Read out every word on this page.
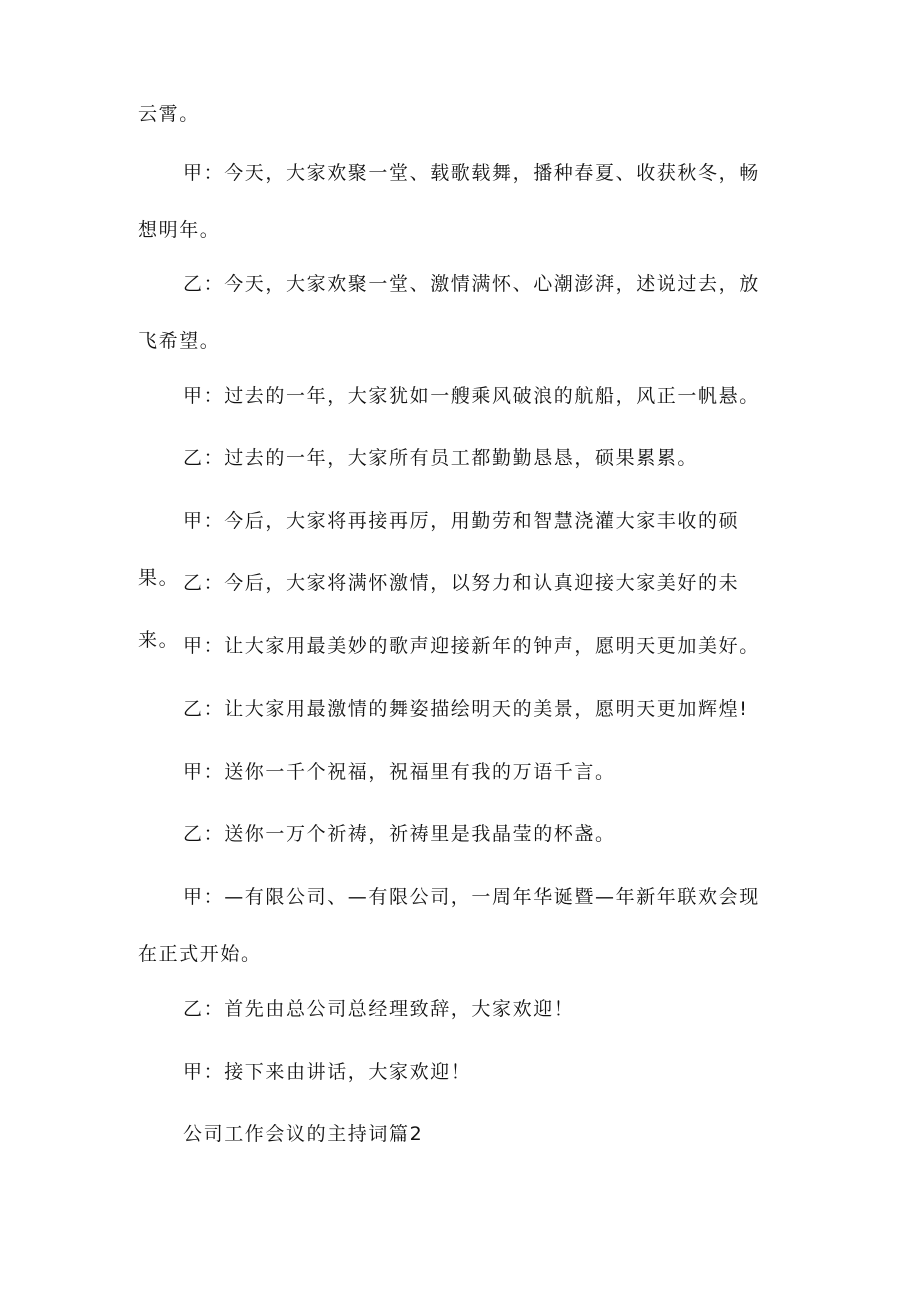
云霄。

甲：今天，大家欢聚一堂、载歌载舞，播种春夏、收获秋冬，畅想明年。

乙：今天，大家欢聚一堂、激情满怀、心潮澎湃，述说过去，放飞希望。

甲：过去的一年，大家犹如一艘乘风破浪的航船，风正一帆悬。

乙：过去的一年，大家所有员工都勤勤恳恳，硕果累累。

甲：今后，大家将再接再厉，用勤劳和智慧浇灌大家丰收的硕果。 乙：今后，大家将满怀激情，以努力和认真迎接大家美好的未来。 甲：让大家用最美妙的歌声迎接新年的钟声，愿明天更加美好。

乙：让大家用最激情的舞姿描绘明天的美景，愿明天更加辉煌!

甲：送你一千个祝福，祝福里有我的万语千言。

乙：送你一万个祈祷，祈祷里是我晶莹的杯盏。

甲：—有限公司、—有限公司，一周年华诞暨—年新年联欢会现在正式开始。

乙：首先由总公司总经理致辞，大家欢迎！

甲：接下来由讲话，大家欢迎！

公司工作会议的主持词篇2
